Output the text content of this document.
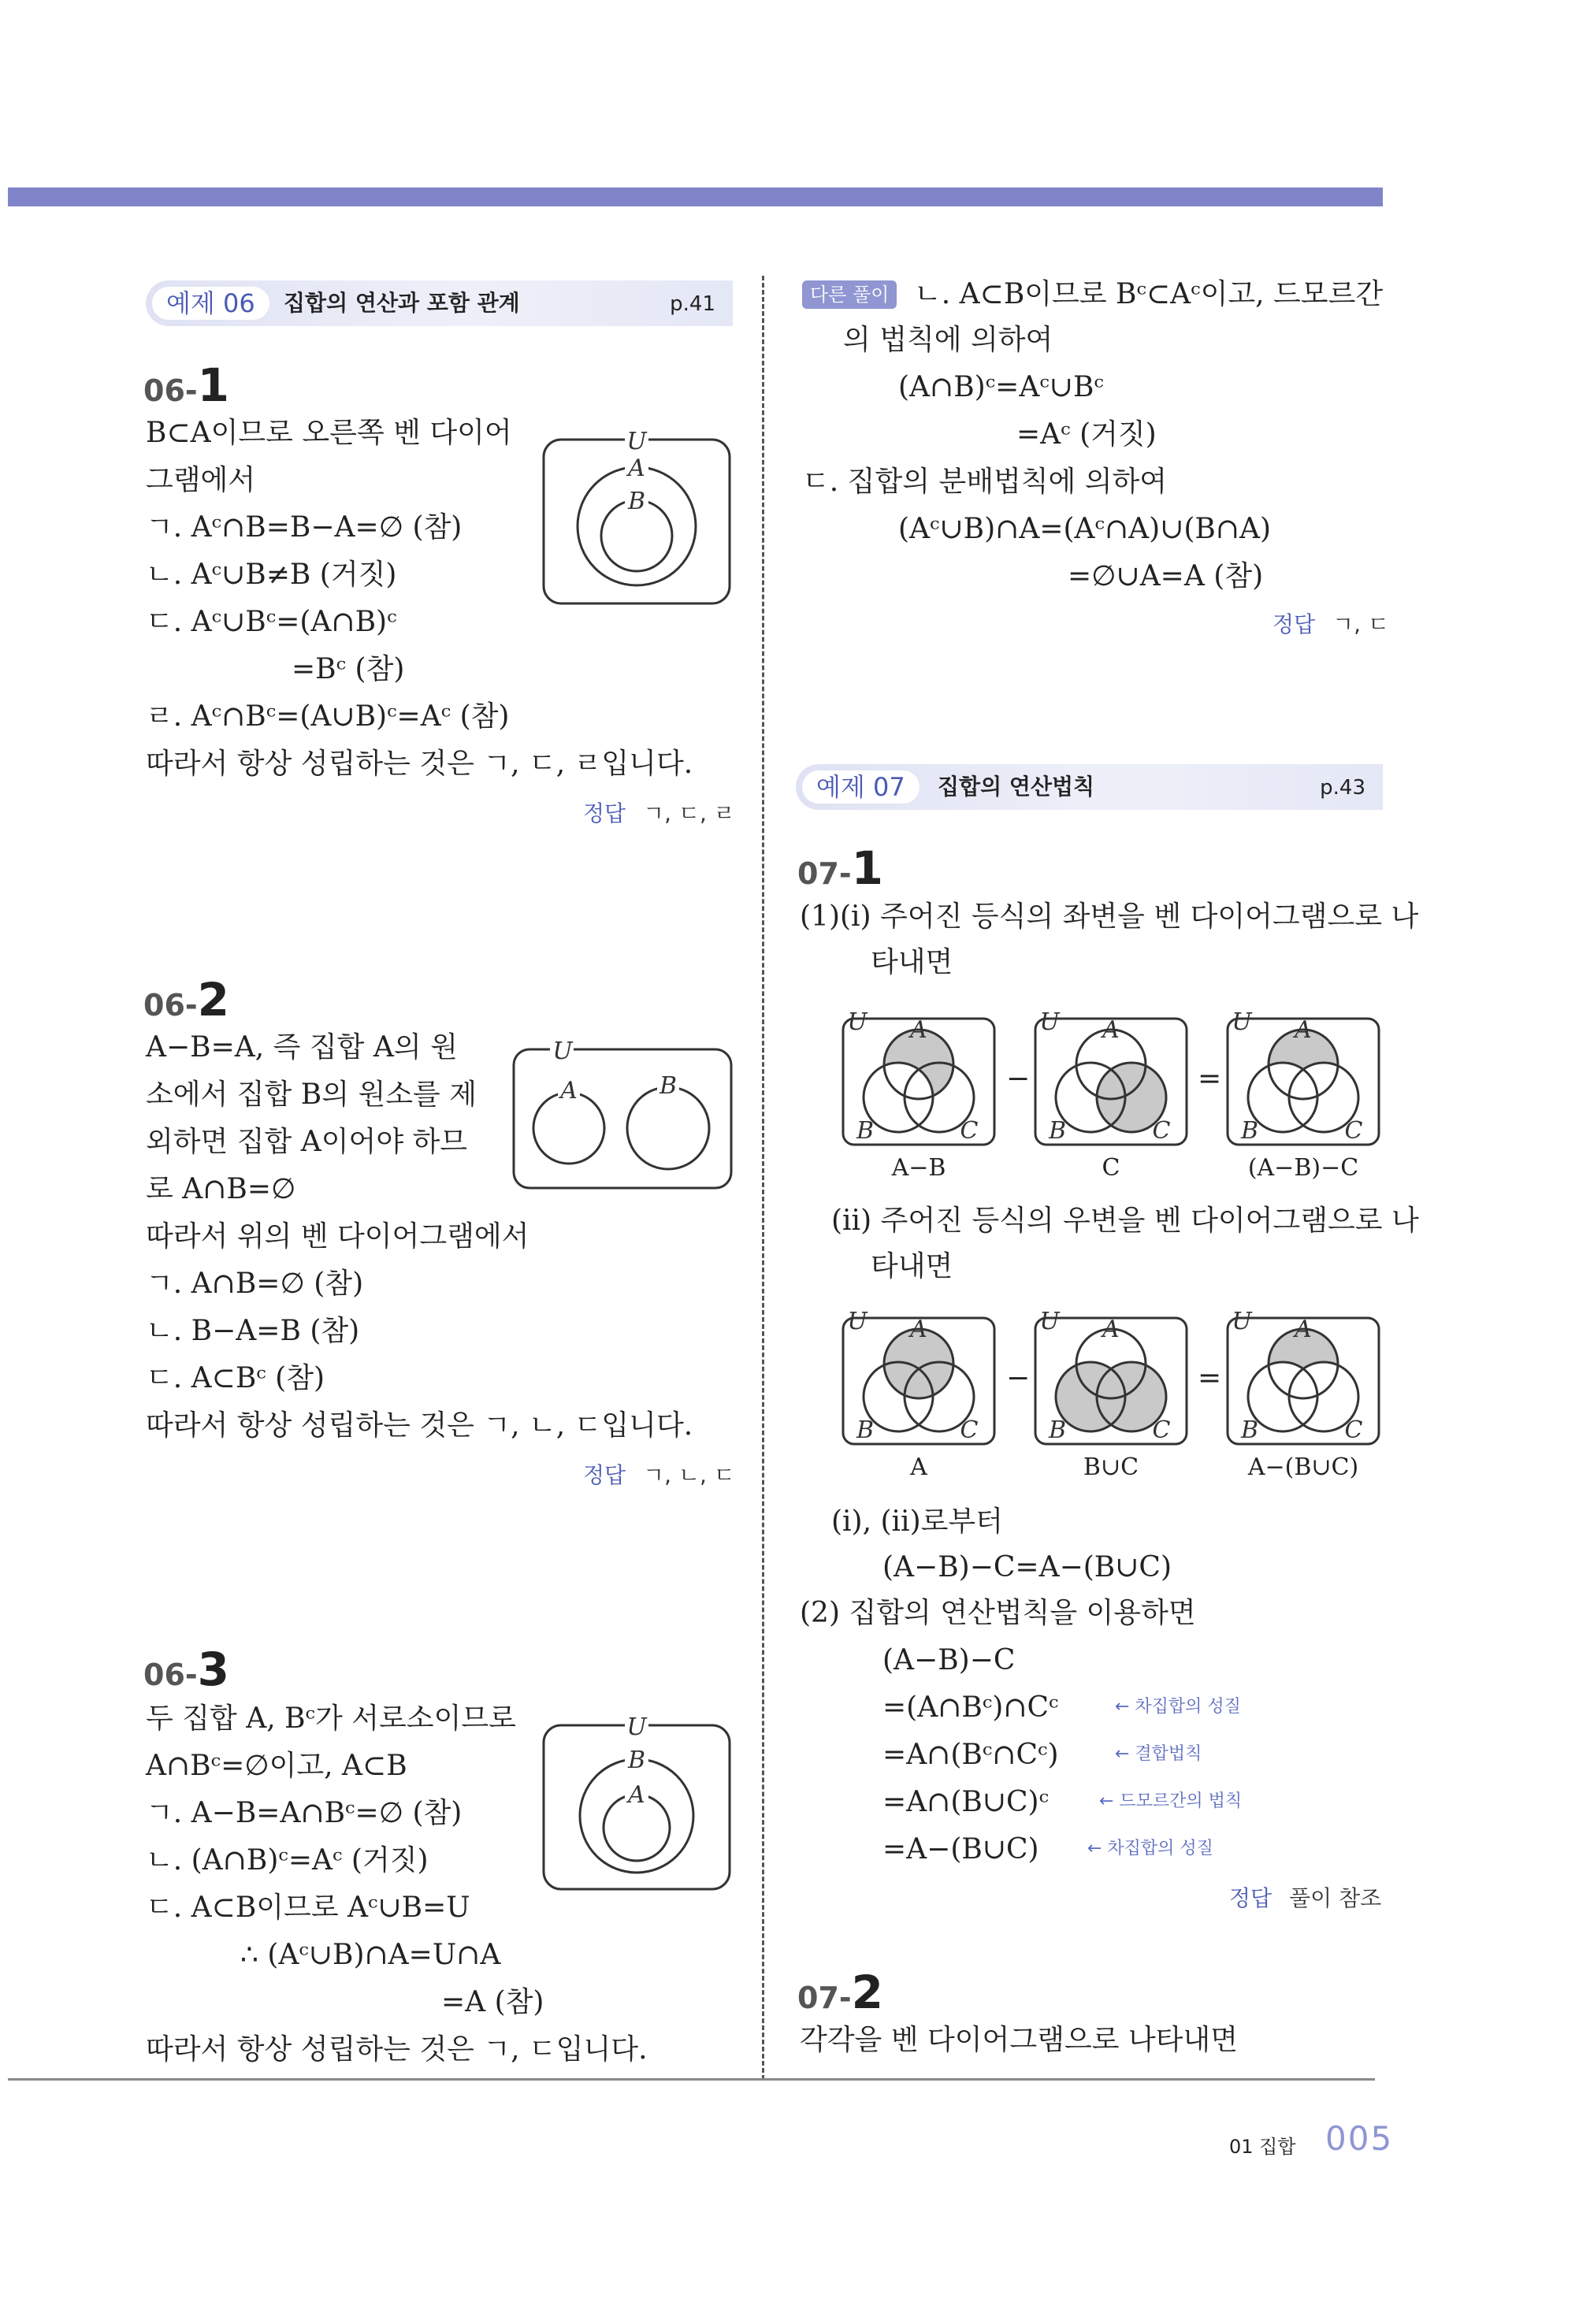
예제 06	집합의 연산과 포함 관계	p.41
06-1
B⊂A이므로 오른쪽 벤 다이어
그램에서
ㄱ. Aᶜ∩B=B−A=∅ (참)
ㄴ. Aᶜ∪B≠B (거짓)
ㄷ. Aᶜ∪Bᶜ=(A∩B)ᶜ
=Bᶜ (참)
ㄹ. Aᶜ∩Bᶜ=(A∪B)ᶜ=Aᶜ (참)
따라서 항상 성립하는 것은 ㄱ, ㄷ, ㄹ입니다.
정답 ㄱ, ㄷ, ㄹ
U
A
B
06-2
A−B=A, 즉 집합 A의 원
소에서 집합 B의 원소를 제
외하면 집합 A이어야 하므
로 A∩B=∅
따라서 위의 벤 다이어그램에서
ㄱ. A∩B=∅ (참)
ㄴ. B−A=B (참)
ㄷ. A⊂Bᶜ (참)
따라서 항상 성립하는 것은 ㄱ, ㄴ, ㄷ입니다.
정답 ㄱ, ㄴ, ㄷ
U
A	B
06-3
두 집합 A, Bᶜ가 서로소이므로
A∩Bᶜ=∅이고, A⊂B
ㄱ. A−B=A∩Bᶜ=∅ (참)
ㄴ. (A∩B)ᶜ=Aᶜ (거짓)
ㄷ. A⊂B이므로 Aᶜ∪B=U
∴ (Aᶜ∪B)∩A=U∩A
=A (참)
따라서 항상 성립하는 것은 ㄱ, ㄷ입니다.
U
B
A
다른 풀이 ㄴ. A⊂B이므로 Bᶜ⊂Aᶜ이고, 드모르간
의 법칙에 의하여
(A∩B)ᶜ=Aᶜ∪Bᶜ
=Aᶜ (거짓)
ㄷ. 집합의 분배법칙에 의하여
(Aᶜ∪B)∩A=(Aᶜ∩A)∪(B∩A)
=∅∪A=A (참)
정답 ㄱ, ㄷ
예제 07	집합의 연산법칙	p.43
07-1
(1)(ⅰ) 주어진 등식의 좌변을 벤 다이어그램으로 나
타내면
U A
B	C
U A
B	C
U A
B	C
−	=
A−B	C	(A−B)−C
(ⅱ) 주어진 등식의 우변을 벤 다이어그램으로 나
타내면
U A
B	C
U A
B	C
U A
B	C
−	=
A	B∪C	A−(B∪C)
(ⅰ), (ⅱ)로부터
(A−B)−C=A−(B∪C)
(2) 집합의 연산법칙을 이용하면
(A−B)−C
=(A∩Bᶜ)∩Cᶜ
=A∩(Bᶜ∩Cᶜ)
=A∩(B∪C)ᶜ
=A−(B∪C)
← 차집합의 성질
← 결합법칙
← 드모르간의 법칙
← 차집합의 성질
정답 풀이 참조
07-2
각각을 벤 다이어그램으로 나타내면
01 집합 005
